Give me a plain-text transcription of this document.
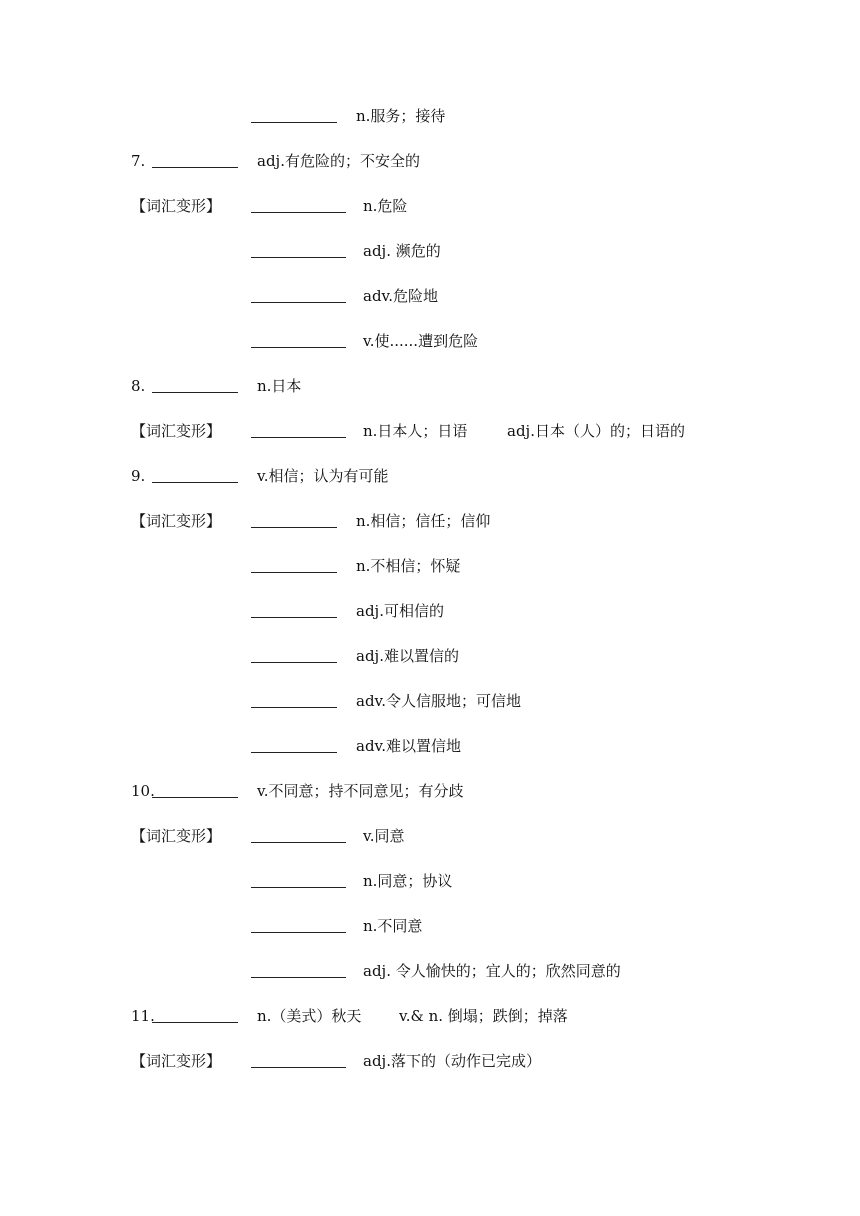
n.服务；接待
7.	adj.有危险的；不安全的
【词汇变形】	n.危险
adj. 濒危的
adv.危险地
v.使......遭到危险
8.	n.日本
【词汇变形】	n.日本人；日语	adj.日本（人）的；日语的
9.	v.相信；认为有可能
【词汇变形】	n.相信；信任；信仰
n.不相信；怀疑
adj.可相信的
adj.难以置信的
adv.令人信服地；可信地
adv.难以置信地
10.	v.不同意；持不同意见；有分歧
【词汇变形】	v.同意
n.同意；协议
n.不同意
adj. 令人愉快的；宜人的；欣然同意的
11.	n.（美式）秋天	v.& n. 倒塌；跌倒；掉落
【词汇变形】	adj.落下的（动作已完成）
